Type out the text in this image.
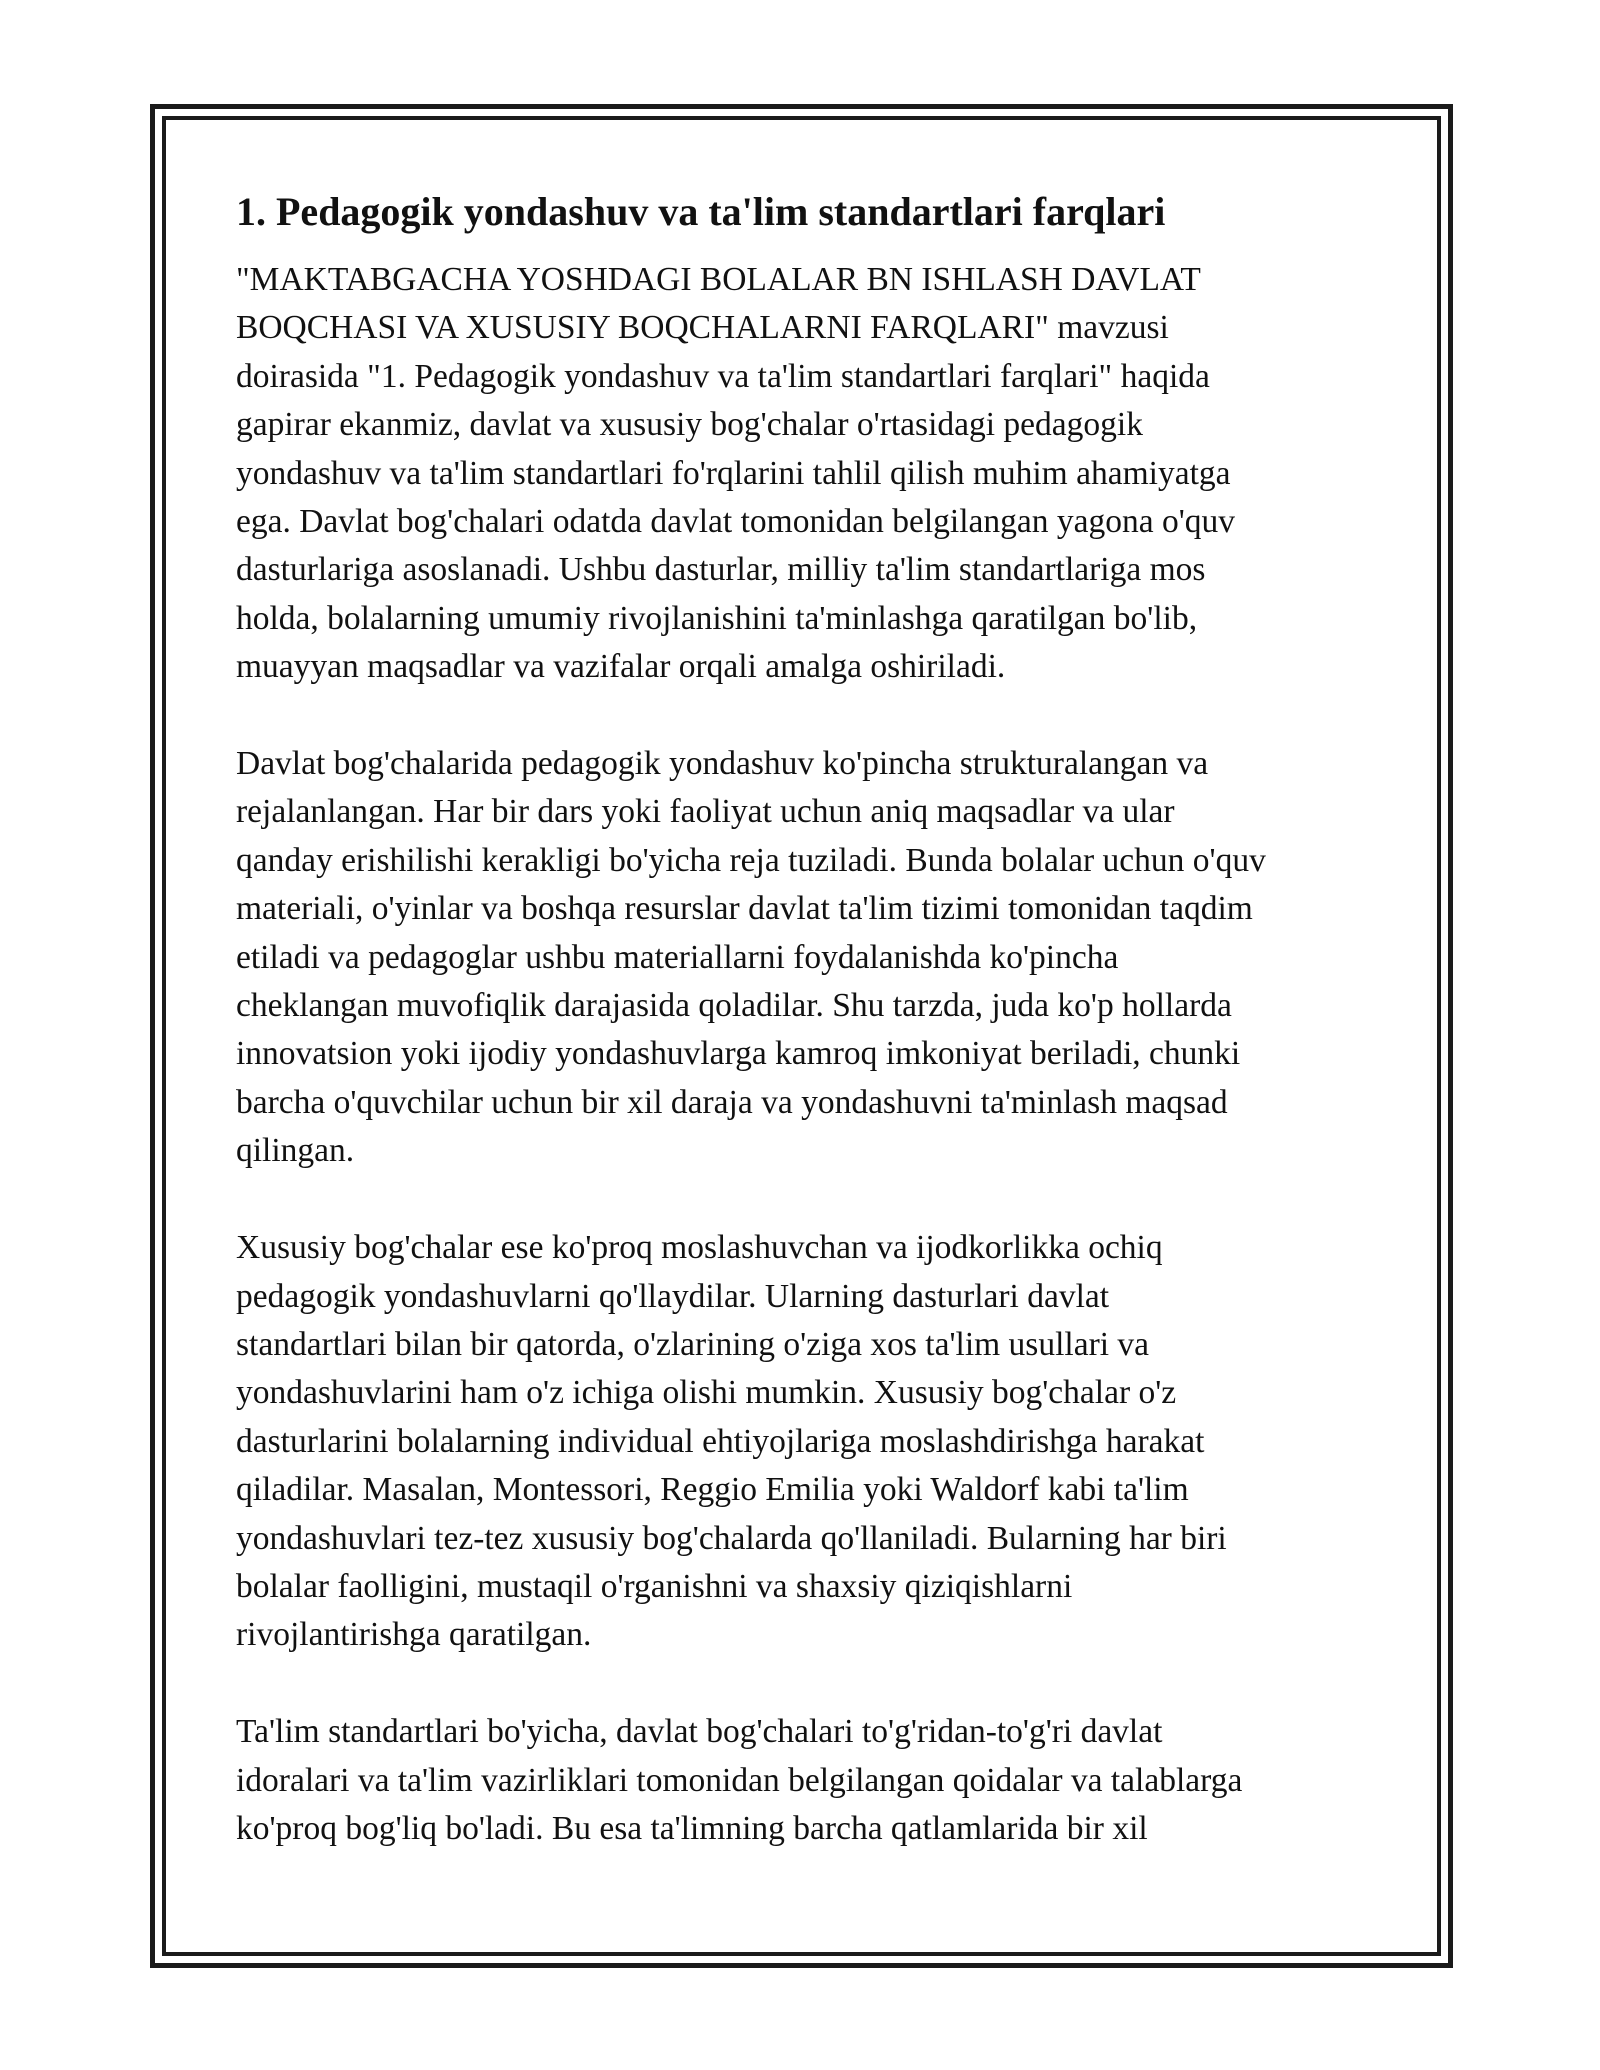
1. Pedagogik yondashuv va ta'lim standartlari farqlari
"MAKTABGACHA YOSHDAGI BOLALAR BN ISHLASH DAVLAT
BOQCHASI VA XUSUSIY BOQCHALARNI FARQLARI" mavzusi
doirasida "1. Pedagogik yondashuv va ta'lim standartlari farqlari" haqida
gapirar ekanmiz, davlat va xususiy bog'chalar o'rtasidagi pedagogik
yondashuv va ta'lim standartlari fo'rqlarini tahlil qilish muhim ahamiyatga
ega. Davlat bog'chalari odatda davlat tomonidan belgilangan yagona o'quv
dasturlariga asoslanadi. Ushbu dasturlar, milliy ta'lim standartlariga mos
holda, bolalarning umumiy rivojlanishini ta'minlashga qaratilgan bo'lib,
muayyan maqsadlar va vazifalar orqali amalga oshiriladi.
Davlat bog'chalarida pedagogik yondashuv ko'pincha strukturalangan va
rejalanlangan. Har bir dars yoki faoliyat uchun aniq maqsadlar va ular
qanday erishilishi kerakligi bo'yicha reja tuziladi. Bunda bolalar uchun o'quv
materiali, o'yinlar va boshqa resurslar davlat ta'lim tizimi tomonidan taqdim
etiladi va pedagoglar ushbu materiallarni foydalanishda ko'pincha
cheklangan muvofiqlik darajasida qoladilar. Shu tarzda, juda ko'p hollarda
innovatsion yoki ijodiy yondashuvlarga kamroq imkoniyat beriladi, chunki
barcha o'quvchilar uchun bir xil daraja va yondashuvni ta'minlash maqsad
qilingan.
Xususiy bog'chalar ese ko'proq moslashuvchan va ijodkorlikka ochiq
pedagogik yondashuvlarni qo'llaydilar. Ularning dasturlari davlat
standartlari bilan bir qatorda, o'zlarining o'ziga xos ta'lim usullari va
yondashuvlarini ham o'z ichiga olishi mumkin. Xususiy bog'chalar o'z
dasturlarini bolalarning individual ehtiyojlariga moslashdirishga harakat
qiladilar. Masalan, Montessori, Reggio Emilia yoki Waldorf kabi ta'lim
yondashuvlari tez-tez xususiy bog'chalarda qo'llaniladi. Bularning har biri
bolalar faolligini, mustaqil o'rganishni va shaxsiy qiziqishlarni
rivojlantirishga qaratilgan.
Ta'lim standartlari bo'yicha, davlat bog'chalari to'g'ridan-to'g'ri davlat
idoralari va ta'lim vazirliklari tomonidan belgilangan qoidalar va talablarga
ko'proq bog'liq bo'ladi. Bu esa ta'limning barcha qatlamlarida bir xil
